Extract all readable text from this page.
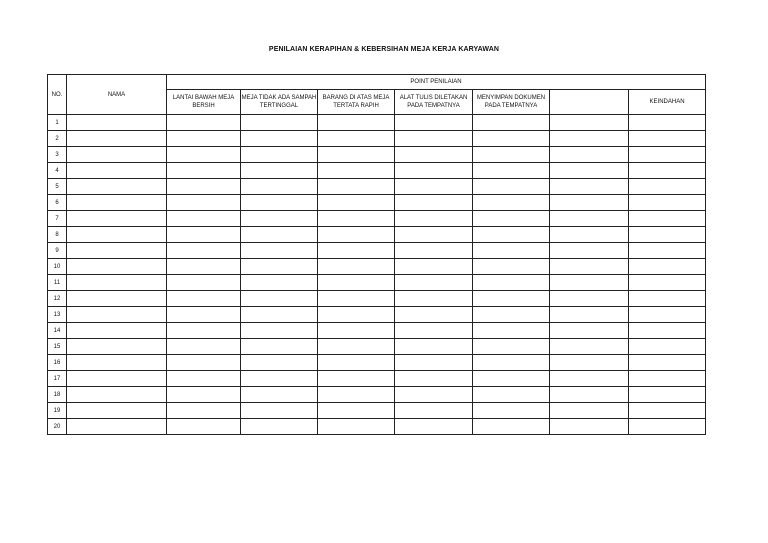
PENILAIAN KERAPIHAN & KEBERSIHAN MEJA KERJA KARYAWAN
NO.	NAMA	POINT PENILAIAN						
		LANTAI BAWAH MEJA BERSIH	MEJA TIDAK ADA SAMPAH TERTINGGAL	BARANG DI ATAS MEJA TERTATA RAPIH	ALAT TULIS DILETAKAN PADA TEMPATNYA	MENYIMPAN DOKUMEN PADA TEMPATNYA		KEINDAHAN
1								
2								
3								
4								
5								
6								
7								
8								
9								
10								
11								
12								
13								
14								
15								
16								
17								
18								
19								
20								
